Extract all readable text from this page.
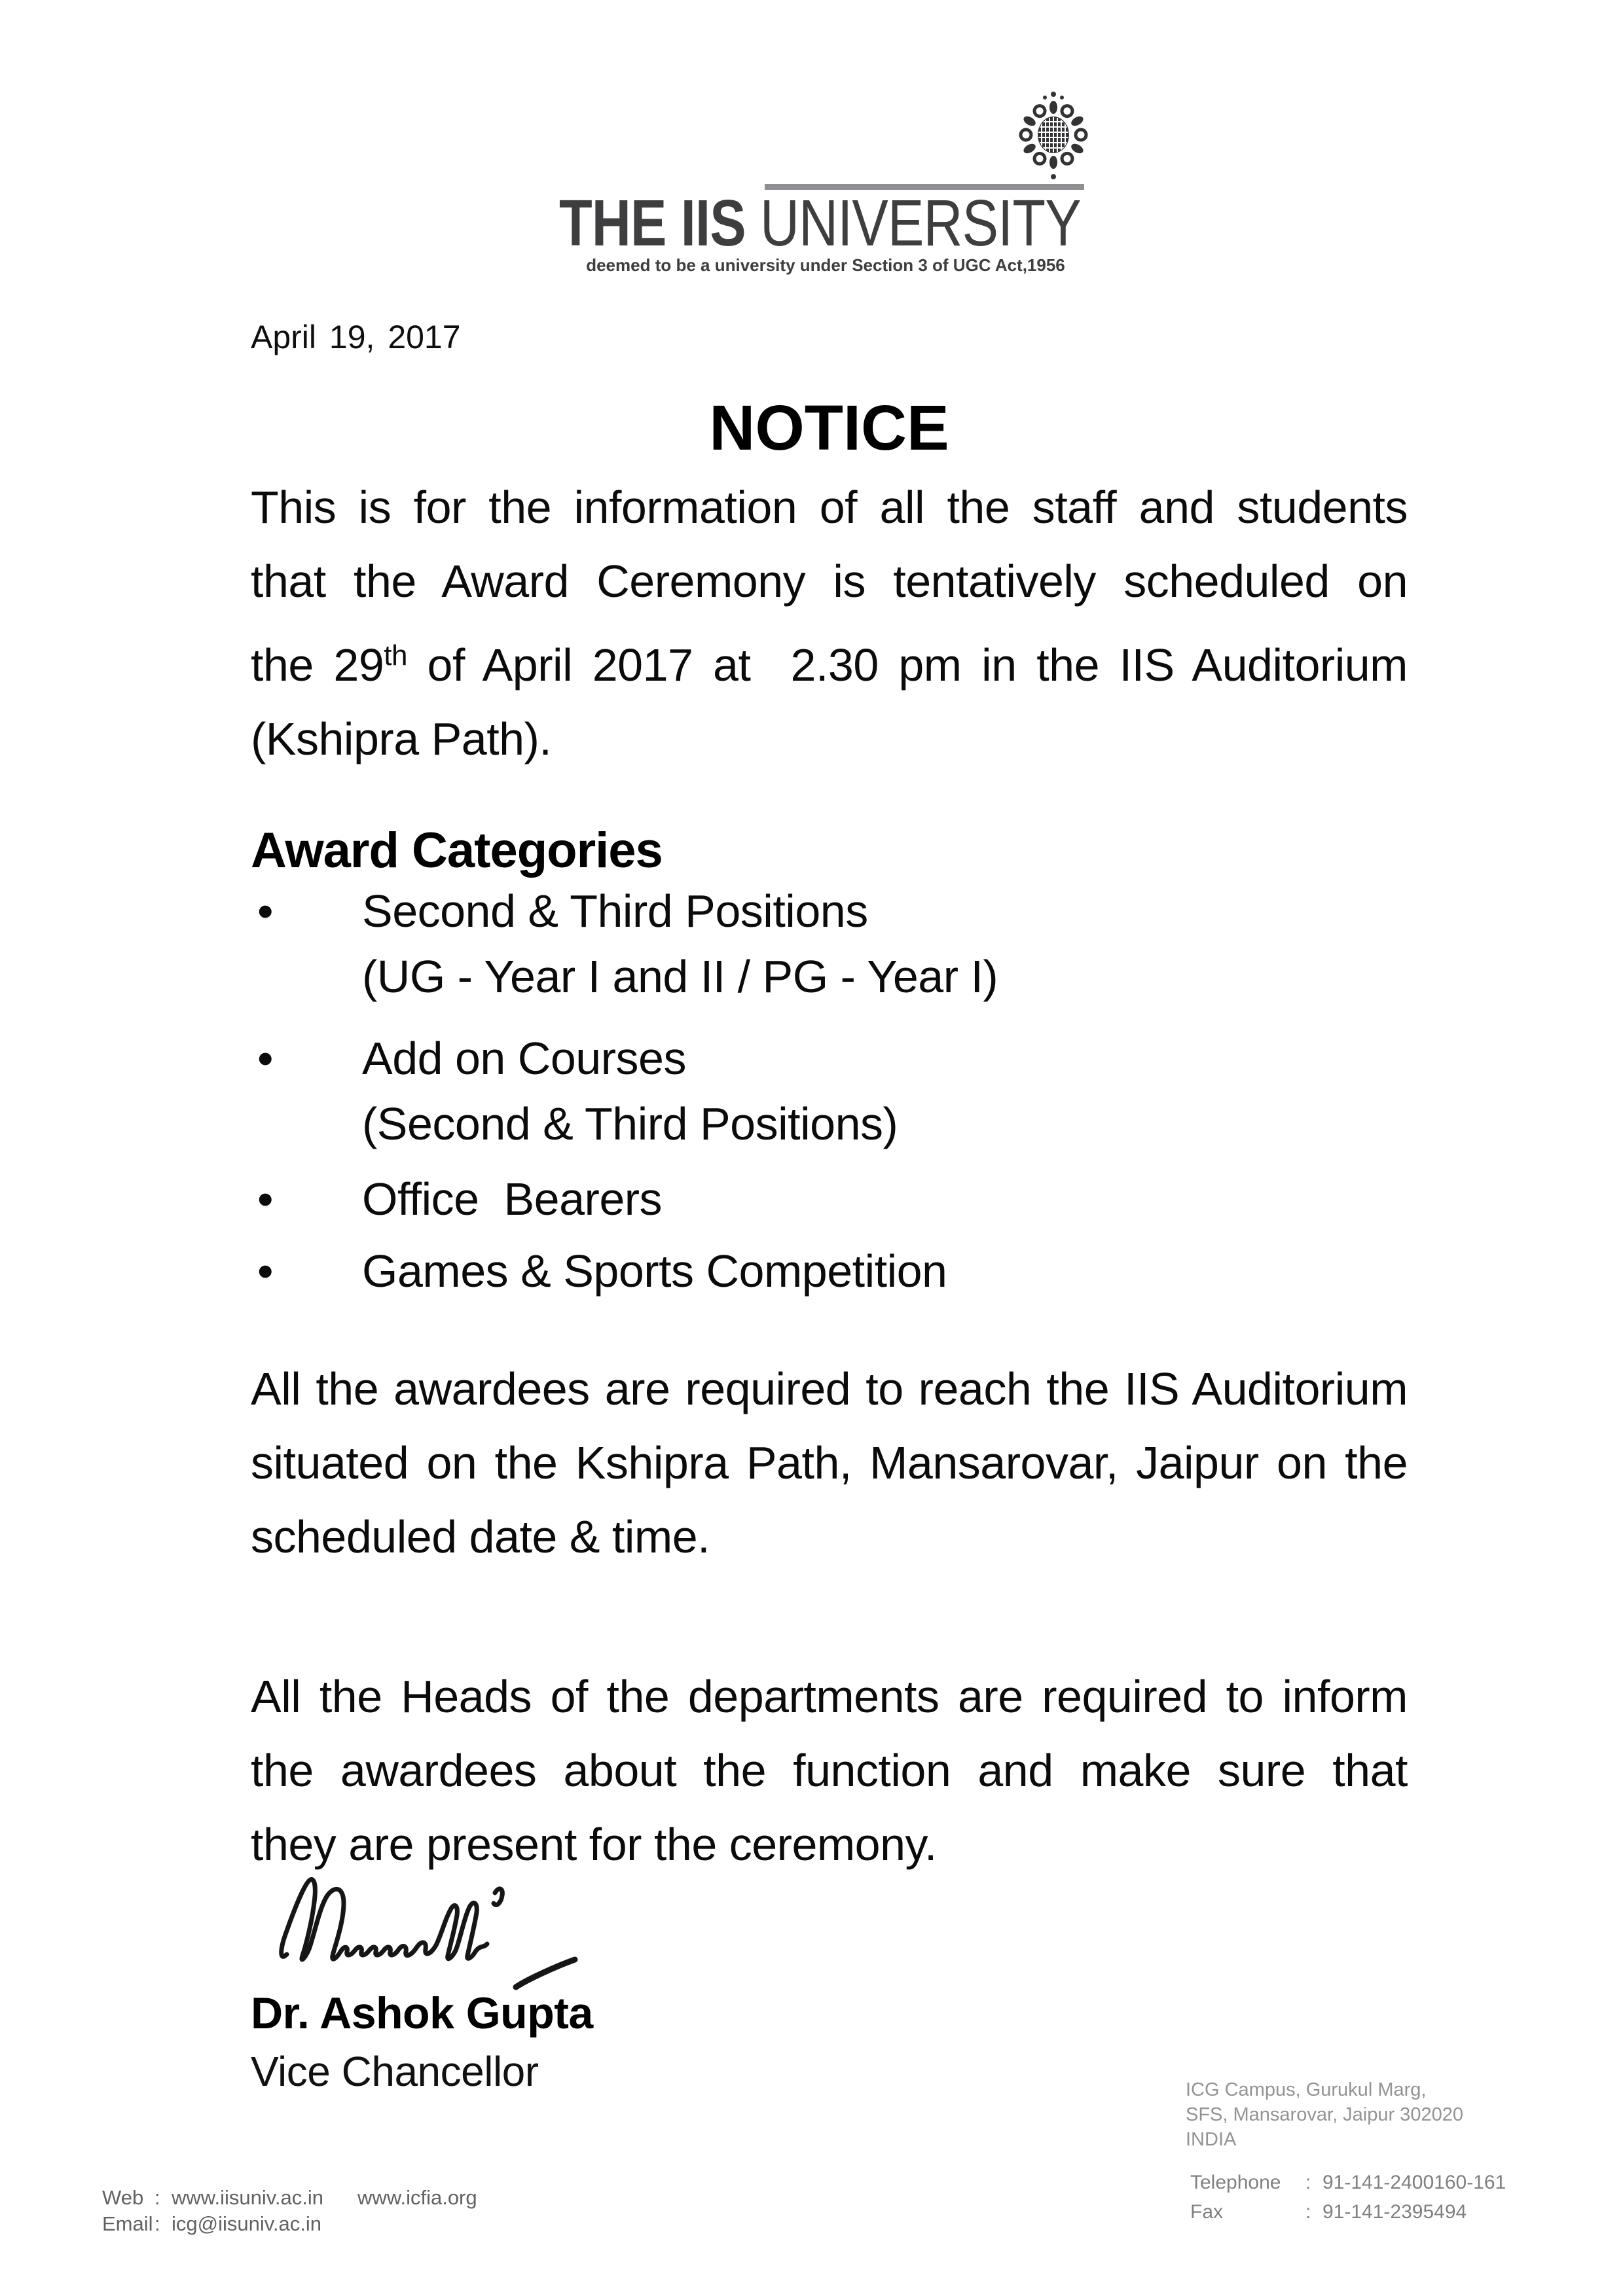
THE IIS UNIVERSITY
deemed to be a university under Section 3 of UGC Act,1956
April 19, 2017
NOTICE
This is for the information of all the staff and students
that the Award Ceremony is tentatively scheduled on
the 29th of April 2017 at  2.30 pm in the IIS Auditorium
(Kshipra Path).
Award Categories
•	Second & Third Positions
(UG - Year I and II / PG - Year I)
•	Add on Courses
(Second & Third Positions)
•	Office  Bearers
•	Games & Sports Competition
All the awardees are required to reach the IIS Auditorium
situated on the Kshipra Path, Mansarovar, Jaipur on the
scheduled date & time.
All the Heads of the departments are required to inform
the awardees about the function and make sure that
they are present for the ceremony.
Dr. Ashok Gupta
Vice Chancellor
Web : www.iisuniv.ac.in www.icfia.org
Email : icg@iisuniv.ac.in
ICG Campus, Gurukul Marg,
SFS, Mansarovar, Jaipur 302020
INDIA
Telephone	: 91-141-2400160-161
Fax	: 91-141-2395494
